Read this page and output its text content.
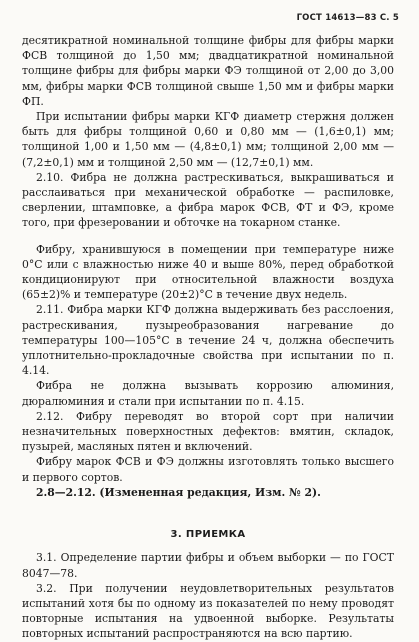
ГОСТ 14613—83 С. 5

десятикратной номинальной толщине фибры для фибры марки ФСВ толщиной до 1,50 мм; двадцатикратной номинальной толщине фибры для фибры марки ФЭ толщиной от 2,00 до 3,00 мм, фибры марки ФСВ толщиной свыше 1,50 мм и фибры марки ФП.

При испытании фибры марки КГФ диаметр стержня должен быть для фибры толщиной 0,60 и 0,80 мм — (1,6±0,1) мм; толщиной 1,00 и 1,50 мм — (4,8±0,1) мм; толщиной 2,00 мм — (7,2±0,1) мм и толщиной 2,50 мм — (12,7±0,1) мм.

2.10. Фибра не должна растрескиваться, выкрашиваться и расслаиваться при механической обработке — распиловке, сверлении, штамповке, а фибра марок ФСВ, ФТ и ФЭ, кроме того, при фрезеровании и обточке на токарном станке.

Фибру, хранившуюся в помещении при температуре ниже 0°С или с влажностью ниже 40 и выше 80%, перед обработкой кондиционируют при относительной влажности воздуха (65±2)% и температуре (20±2)°С в течение двух недель.

2.11. Фибра марки КГФ должна выдерживать без расслоения, растрескивания, пузыреобразования нагревание до температуры 100—105°С в течение 24 ч, должна обеспечить уплотнительно-прокладочные свойства при испытании по п. 4.14.

Фибра не должна вызывать коррозию алюминия, дюралюминия и стали при испытании по п. 4.15.

2.12. Фибру переводят во второй сорт при наличии незначительных поверхностных дефектов: вмятин, складок, пузырей, масляных пятен и включений.

Фибру марок ФСВ и ФЭ должны изготовлять только высшего и первого сортов.

2.8—2.12. (Измененная редакция, Изм. № 2).

3. ПРИЕМКА

3.1. Определение партии фибры и объем выборки — по ГОСТ 8047—78.

3.2. При получении неудовлетворительных результатов испытаний хотя бы по одному из показателей по нему проводят повторные испытания на удвоенной выборке. Результаты повторных испытаний распространяются на всю партию.
